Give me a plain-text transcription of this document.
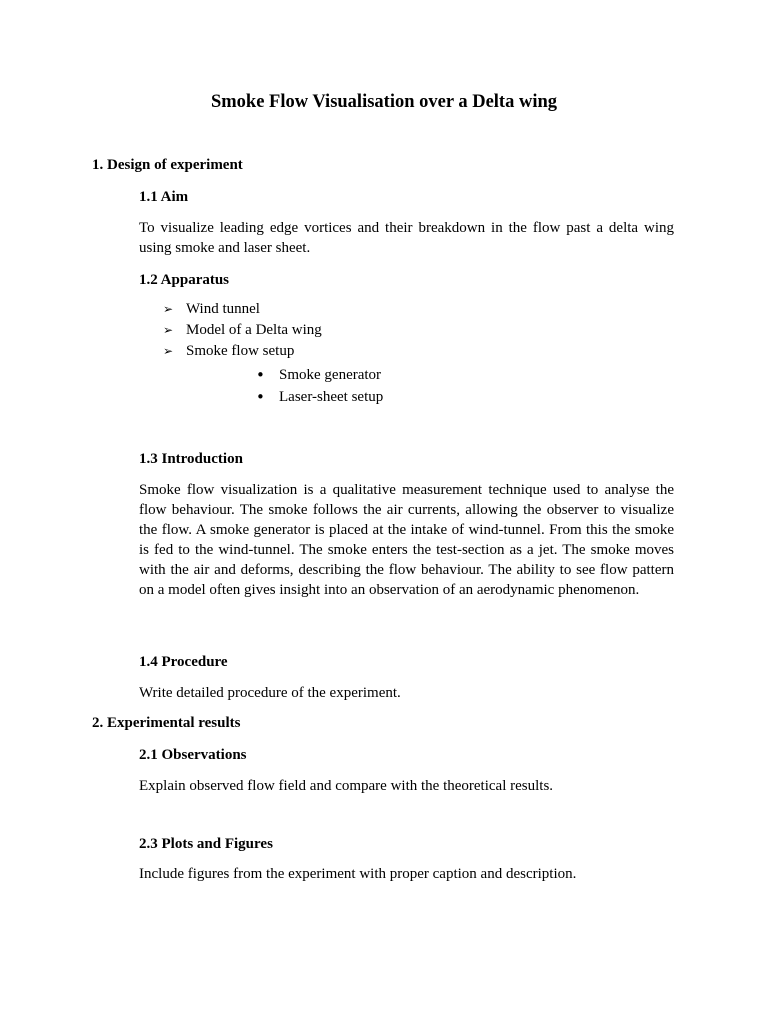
Smoke Flow Visualisation over a Delta wing
1. Design of experiment
1.1 Aim
To visualize leading edge vortices and their breakdown in the flow past a delta wing using smoke and laser sheet.
1.2 Apparatus
➢ Wind tunnel
➢ Model of a Delta wing
➢ Smoke flow setup
• Smoke generator
• Laser-sheet setup
1.3 Introduction
Smoke flow visualization is a qualitative measurement technique used to analyse the flow behaviour. The smoke follows the air currents, allowing the observer to visualize the flow. A smoke generator is placed at the intake of wind-tunnel. From this the smoke is fed to the wind-tunnel. The smoke enters the test-section as a jet. The smoke moves with the air and deforms, describing the flow behaviour. The ability to see flow pattern on a model often gives insight into an observation of an aerodynamic phenomenon.
1.4 Procedure
Write detailed procedure of the experiment.
2. Experimental results
2.1 Observations
Explain observed flow field and compare with the theoretical results.
2.3 Plots and Figures
Include figures from the experiment with proper caption and description.
